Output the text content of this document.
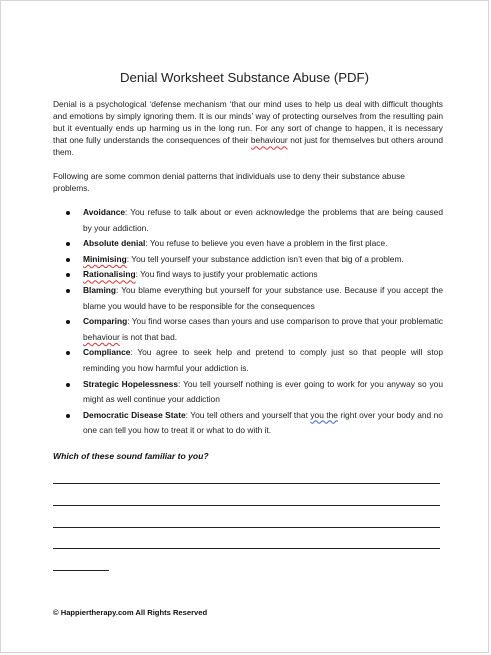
Denial Worksheet Substance Abuse (PDF)

Denial is a psychological ‘defense mechanism ‘that our mind uses to help us deal with difficult thoughts and emotions by simply ignoring them. It is our minds’ way of protecting ourselves from the resulting pain but it eventually ends up harming us in the long run. For any sort of change to happen, it is necessary that one fully understands the consequences of their behaviour not just for themselves but others around them.

Following are some common denial patterns that individuals use to deny their substance abuse problems.

Avoidance: You refuse to talk about or even acknowledge the problems that are being caused by your addiction.
Absolute denial: You refuse to believe you even have a problem in the first place.
Minimising: You tell yourself your substance addiction isn’t even that big of a problem.
Rationalising: You find ways to justify your problematic actions
Blaming: You blame everything but yourself for your substance use. Because if you accept the blame you would have to be responsible for the consequences
Comparing: You find worse cases than yours and use comparison to prove that your problematic behaviour is not that bad.
Compliance: You agree to seek help and pretend to comply just so that people will stop reminding you how harmful your addiction is.
Strategic Hopelessness: You tell yourself nothing is ever going to work for you anyway so you might as well continue your addiction
Democratic Disease State: You tell others and yourself that you the right over your body and no one can tell you how to treat it or what to do with it.
Which of these sound familiar to you?
© Happiertherapy.com All Rights Reserved
